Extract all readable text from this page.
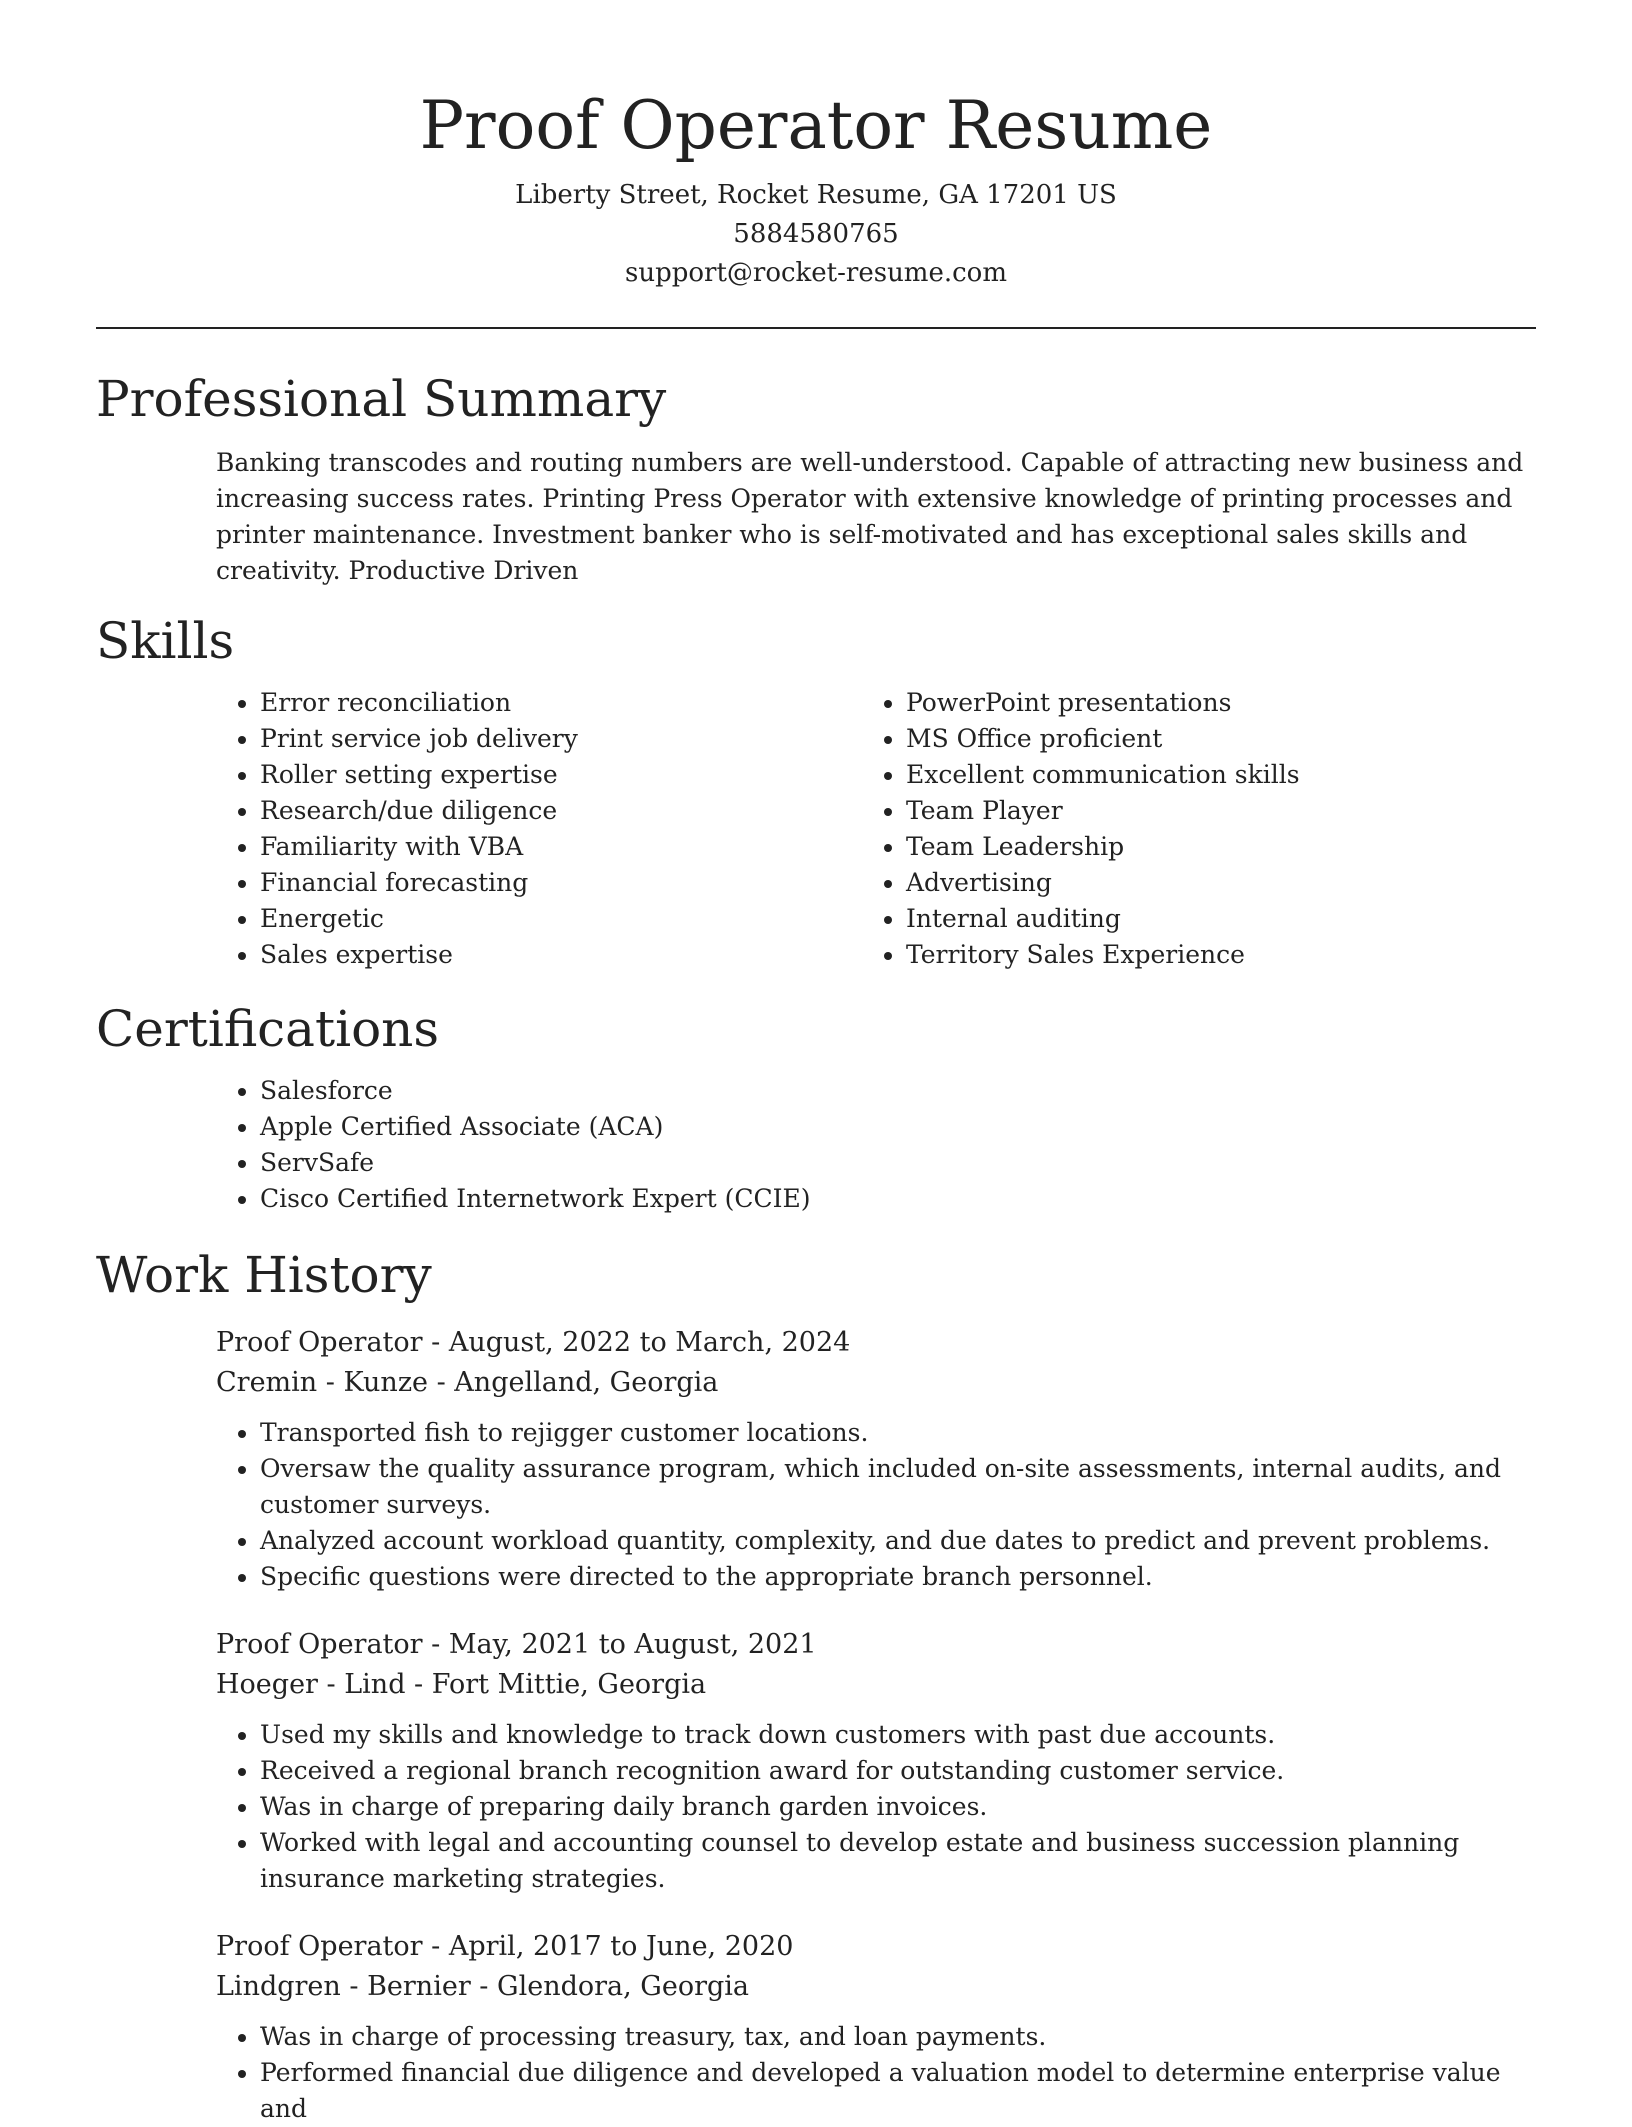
Proof Operator Resume

Liberty Street, Rocket Resume, GA 17201 US

5884580765

support@rocket-resume.com

Professional Summary

Banking transcodes and routing numbers are well-understood. Capable of attracting new business and increasing success rates. Printing Press Operator with extensive knowledge of printing processes and printer maintenance. Investment banker who is self-motivated and has exceptional sales skills and creativity. Productive Driven

Skills
• Error reconciliation
• Print service job delivery
• Roller setting expertise
• Research/due diligence
• Familiarity with VBA
• Financial forecasting
• Energetic
• Sales expertise
• PowerPoint presentations
• MS Office proficient
• Excellent communication skills
• Team Player
• Team Leadership
• Advertising
• Internal auditing
• Territory Sales Experience
Certifications
• Salesforce
• Apple Certified Associate (ACA)
• ServSafe
• Cisco Certified Internetwork Expert (CCIE)
Work History

Proof Operator - August, 2022 to March, 2024

Cremin - Kunze - Angelland, Georgia

• Transported fish to rejigger customer locations.
• Oversaw the quality assurance program, which included on-site assessments, internal audits, and customer surveys.
• Analyzed account workload quantity, complexity, and due dates to predict and prevent problems.
• Specific questions were directed to the appropriate branch personnel.

Proof Operator - May, 2021 to August, 2021

Hoeger - Lind - Fort Mittie, Georgia

• Used my skills and knowledge to track down customers with past due accounts.
• Received a regional branch recognition award for outstanding customer service.
• Was in charge of preparing daily branch garden invoices.
• Worked with legal and accounting counsel to develop estate and business succession planning insurance marketing strategies.

Proof Operator - April, 2017 to June, 2020

Lindgren - Bernier - Glendora, Georgia

• Was in charge of processing treasury, tax, and loan payments.
• Performed financial due diligence and developed a valuation model to determine enterprise value and
